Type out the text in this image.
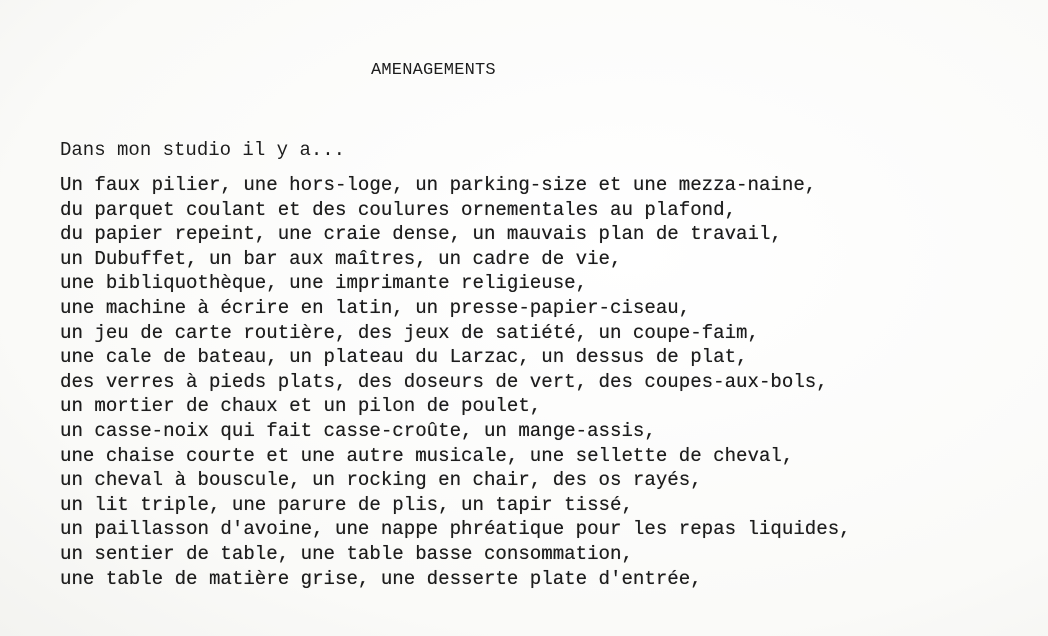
AMENAGEMENTS
Dans mon studio il y a...
Un faux pilier, une hors-loge, un parking-size et une mezza-naine,
du parquet coulant et des coulures ornementales au plafond,
du papier repeint, une craie dense, un mauvais plan de travail,
un Dubuffet, un bar aux maîtres, un cadre de vie,
une bibliquothèque, une imprimante religieuse,
une machine à écrire en latin, un presse-papier-ciseau,
un jeu de carte routière, des jeux de satiété, un coupe-faim,
une cale de bateau, un plateau du Larzac, un dessus de plat,
des verres à pieds plats, des doseurs de vert, des coupes-aux-bols,
un mortier de chaux et un pilon de poulet,
un casse-noix qui fait casse-croûte, un mange-assis,
une chaise courte et une autre musicale, une sellette de cheval,
un cheval à bouscule, un rocking en chair, des os rayés,
un lit triple, une parure de plis, un tapir tissé,
un paillasson d'avoine, une nappe phréatique pour les repas liquides,
un sentier de table, une table basse consommation,
une table de matière grise, une desserte plate d'entrée,
